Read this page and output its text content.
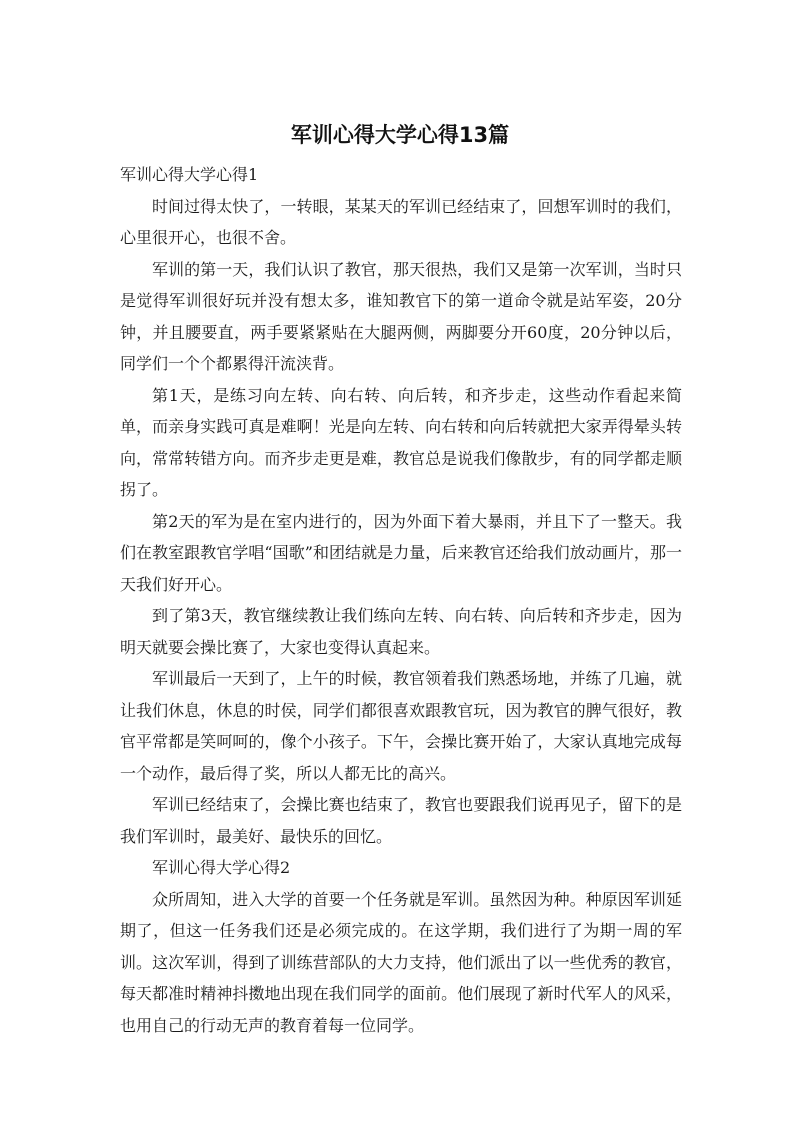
军训心得大学心得13篇

军训心得大学心得1

时间过得太快了，一转眼，某某天的军训已经结束了，回想军训时的我们，心里很开心，也很不舍。

军训的第一天，我们认识了教官，那天很热，我们又是第一次军训，当时只是觉得军训很好玩并没有想太多，谁知教官下的第一道命令就是站军姿，20分钟，并且腰要直，两手要紧紧贴在大腿两侧，两脚要分开60度，20分钟以后，同学们一个个都累得汗流浃背。

第1天，是练习向左转、向右转、向后转，和齐步走，这些动作看起来简单，而亲身实践可真是难啊！光是向左转、向右转和向后转就把大家弄得晕头转向，常常转错方向。而齐步走更是难，教官总是说我们像散步，有的同学都走顺拐了。

第2天的军为是在室内进行的，因为外面下着大暴雨，并且下了一整天。我们在教室跟教官学唱“国歌”和团结就是力量，后来教官还给我们放动画片，那一天我们好开心。

到了第3天，教官继续教让我们练向左转、向右转、向后转和齐步走，因为明天就要会操比赛了，大家也变得认真起来。

军训最后一天到了，上午的时候，教官领着我们熟悉场地，并练了几遍，就让我们休息，休息的时侯，同学们都很喜欢跟教官玩，因为教官的脾气很好，教官平常都是笑呵呵的，像个小孩子。下午，会操比赛开始了，大家认真地完成每一个动作，最后得了奖，所以人都无比的高兴。

军训已经结束了，会操比赛也结束了，教官也要跟我们说再见子，留下的是我们军训时，最美好、最快乐的回忆。

军训心得大学心得2

众所周知，进入大学的首要一个任务就是军训。虽然因为种。种原因军训延期了，但这一任务我们还是必须完成的。在这学期，我们进行了为期一周的军训。这次军训，得到了训练营部队的大力支持，他们派出了以一些优秀的教官，每天都准时精神抖擞地出现在我们同学的面前。他们展现了新时代军人的风采，也用自己的行动无声的教育着每一位同学。
